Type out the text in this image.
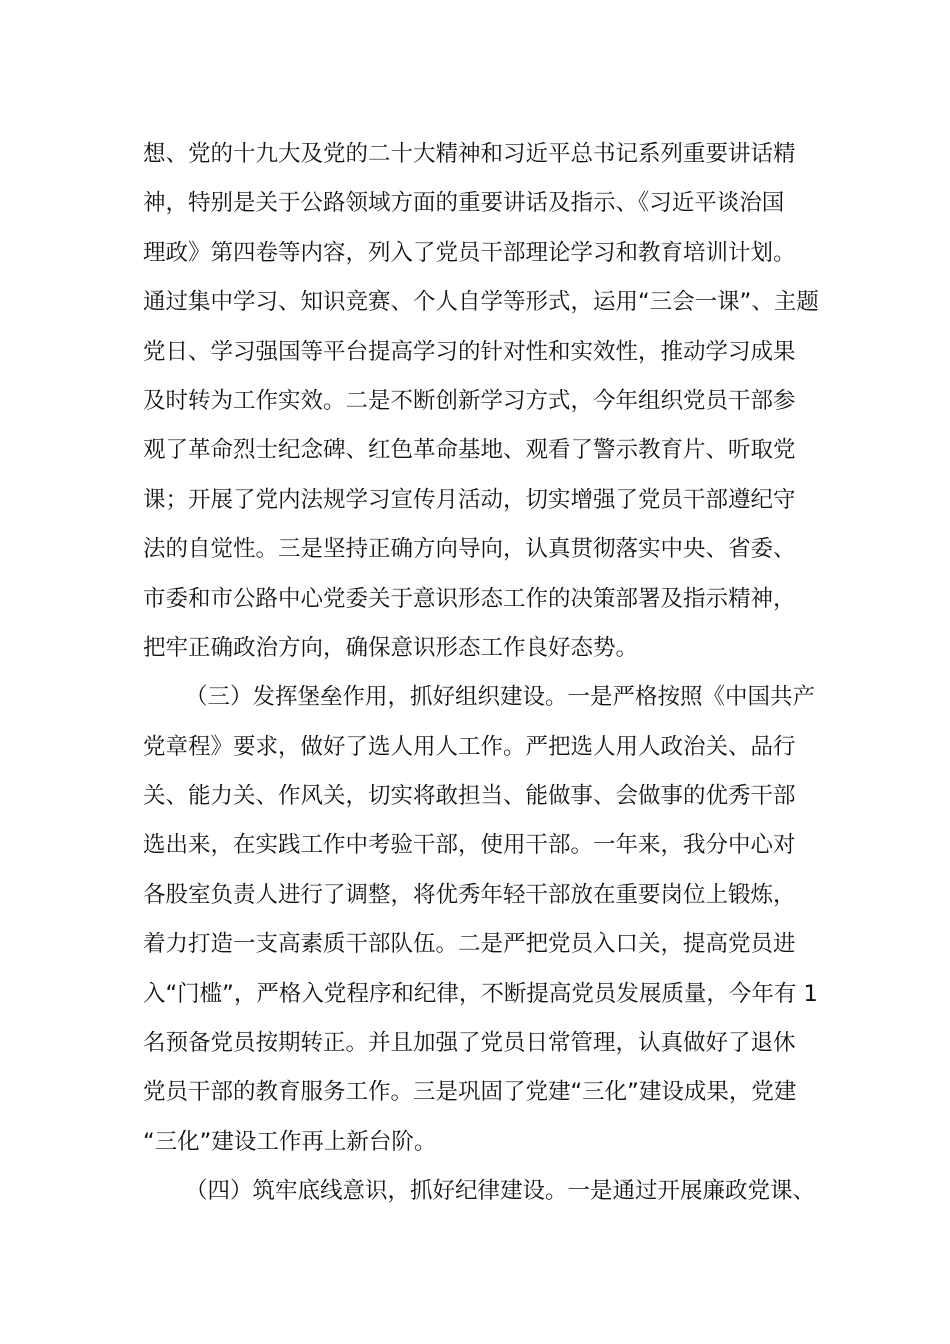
想、党的十九大及党的二十大精神和习近平总书记系列重要讲话精
神，特别是关于公路领域方面的重要讲话及指示、《习近平谈治国
理政》第四卷等内容，列入了党员干部理论学习和教育培训计划。
通过集中学习、知识竞赛、个人自学等形式，运用“三会一课”、主题
党日、学习强国等平台提高学习的针对性和实效性，推动学习成果
及时转为工作实效。二是不断创新学习方式，今年组织党员干部参
观了革命烈士纪念碑、红色革命基地、观看了警示教育片、听取党
课；开展了党内法规学习宣传月活动，切实增强了党员干部遵纪守
法的自觉性。三是坚持正确方向导向，认真贯彻落实中央、省委、
市委和市公路中心党委关于意识形态工作的决策部署及指示精神，
把牢正确政治方向，确保意识形态工作良好态势。
（三）发挥堡垒作用，抓好组织建设。一是严格按照《中国共产
党章程》要求，做好了选人用人工作。严把选人用人政治关、品行
关、能力关、作风关，切实将敢担当、能做事、会做事的优秀干部
选出来，在实践工作中考验干部，使用干部。一年来，我分中心对
各股室负责人进行了调整，将优秀年轻干部放在重要岗位上锻炼，
着力打造一支高素质干部队伍。二是严把党员入口关，提高党员进
入“门槛”，严格入党程序和纪律，不断提高党员发展质量，今年有 1
名预备党员按期转正。并且加强了党员日常管理，认真做好了退休
党员干部的教育服务工作。三是巩固了党建“三化”建设成果，党建
“三化”建设工作再上新台阶。
（四）筑牢底线意识，抓好纪律建设。一是通过开展廉政党课、
